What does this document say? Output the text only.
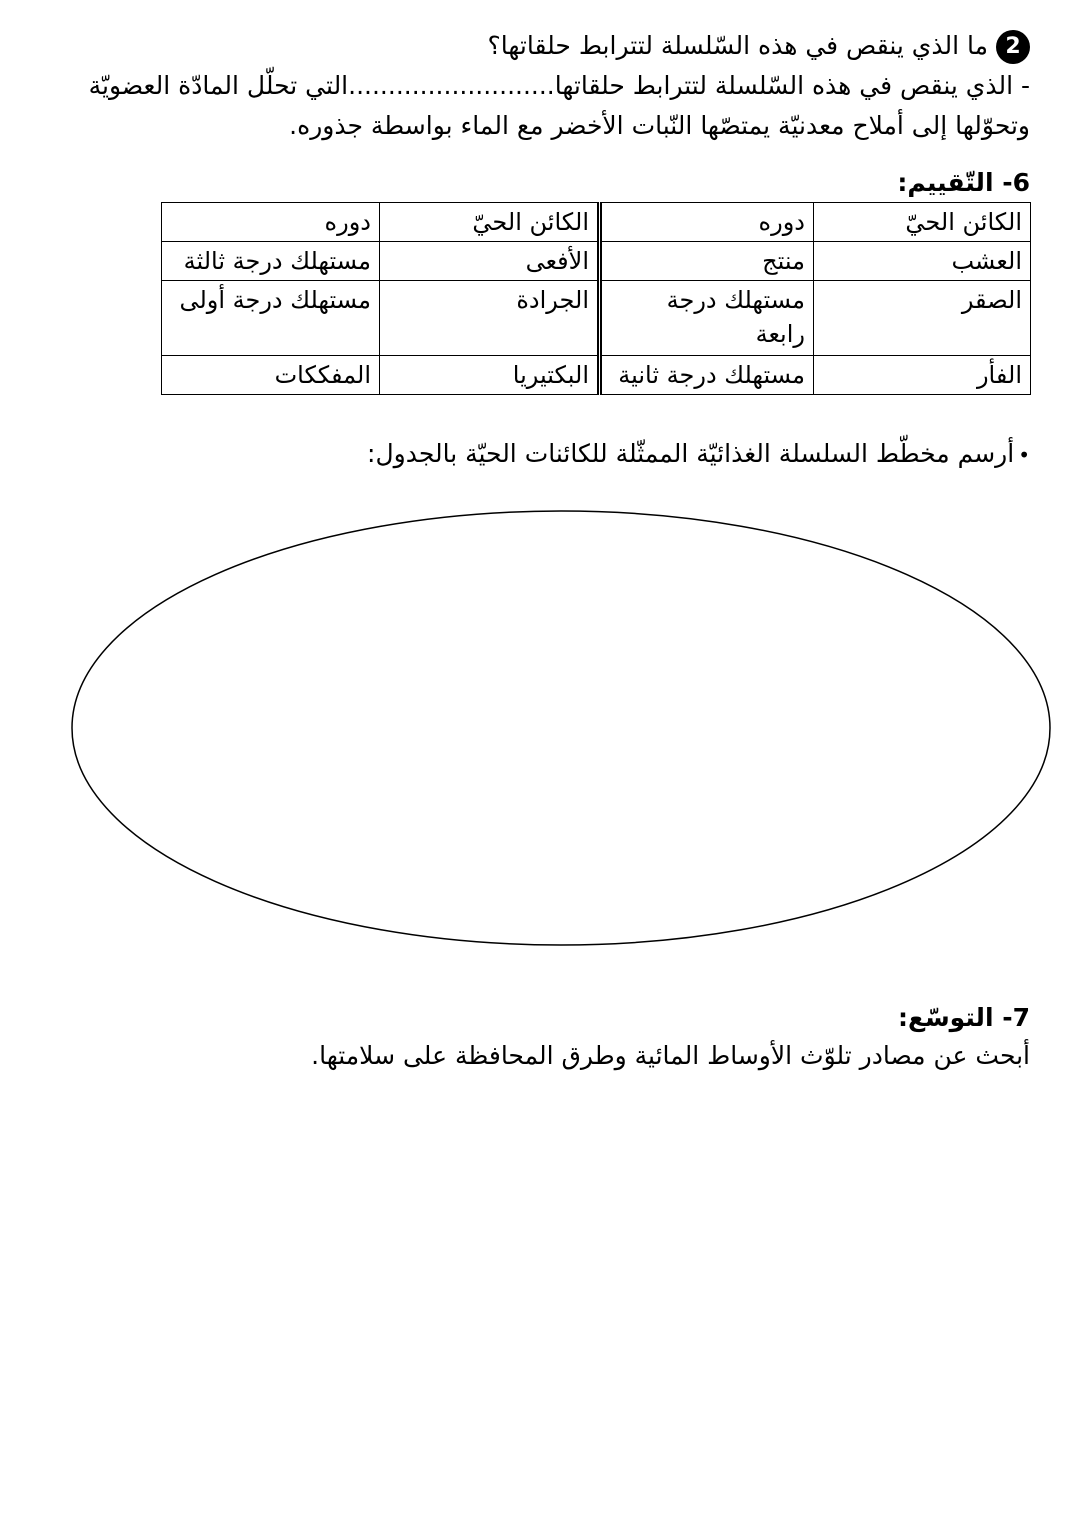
2ما الذي ينقص في هذه السّلسلة لتترابط حلقاتها؟
- الذي ينقص في هذه السّلسلة لتترابط حلقاتها..........................التي تحلّل المادّة العضويّة وتحوّلها إلى أملاح معدنيّة يمتصّها النّبات الأخضر مع الماء بواسطة جذوره.
6- التّقييم:
الكائن الحيّ	دوره	الكائن الحيّ	دوره
العشب	منتج	الأفعى	مستهلك درجة ثالثة
الصقر	مستهلك درجة رابعة	الجرادة	مستهلك درجة أولى
الفأر	مستهلك درجة ثانية	البكتيريا	المفككات
•أرسم مخطّط السلسلة الغذائيّة الممثّلة للكائنات الحيّة بالجدول:
7- التوسّع:
أبحث عن مصادر تلوّث الأوساط المائية وطرق المحافظة على سلامتها.
